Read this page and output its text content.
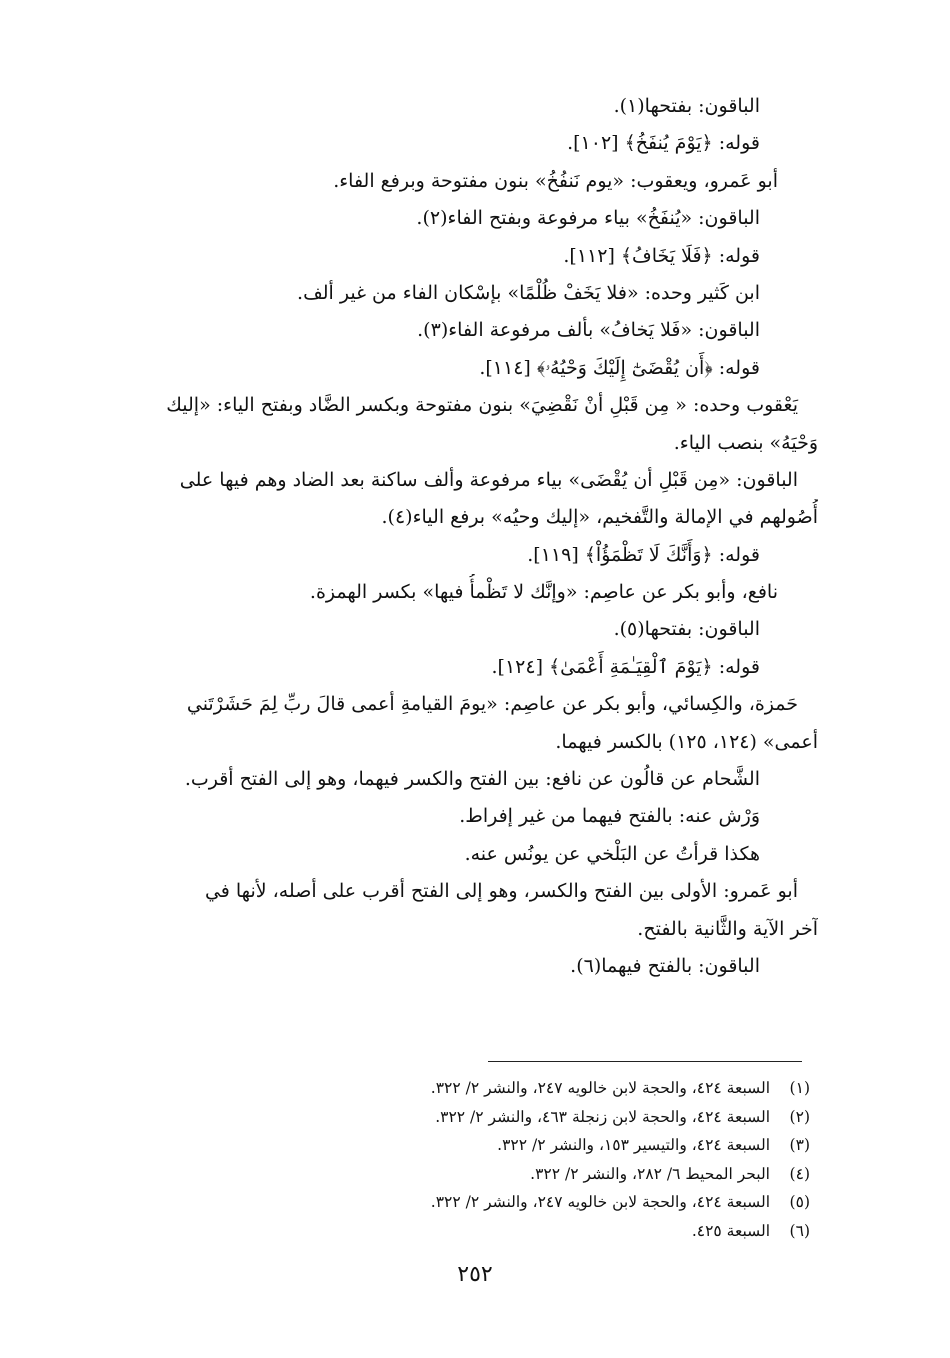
الباقون: بفتحها(١).
قوله: ﴿يَوْمَ يُنفَخُ﴾ [١٠٢].
أبو عَمرو، ويعقوب: «يوم نَنفُخُ» بنون مفتوحة وبرفع الفاء.
الباقون: «يُنفَخُ» بياء مرفوعة وبفتح الفاء(٢).
قوله: ﴿فَلَا يَخَافُ﴾ [١١٢].
ابن كَثير وحده: «فلا يَخَفْ ظُلْمًا» بإسْكان الفاء من غير ألف.
الباقون: «فَلا يَخافُ» بألف مرفوعة الفاء(٣).
قوله: ﴿أَن يُقْضَىٰٓ إِلَيْكَ وَحْيُهُۥ﴾ [١١٤].
يَعْقوب وحده: « مِن قَبْلِ أنْ نَقْضِيَ» بنون مفتوحة وبكسر الضَّاد وبفتح الياء: «إليك
وَحْيَهُ» بنصب الياء.
الباقون: «مِن قَبْلِ أن يُقْضَى» بياء مرفوعة وألف ساكنة بعد الضاد وهم فيها على
أُصُولهم في الإمالة والتَّفخيم، «إليك وحيُه» برفع الياء(٤).
قوله: ﴿وَأَنَّكَ لَا تَظْمَؤُاْ﴾ [١١٩].
نافع، وأبو بكر عن عاصِم: «وإنَّك لا تَظْمأُ فيها» بكسر الهمزة.
الباقون: بفتحها(٥).
قوله: ﴿يَوْمَ ٱلْقِيَـٰمَةِ أَعْمَىٰ﴾ [١٢٤].
حَمزة، والكِسائي، وأبو بكر عن عاصِم: «يومَ القيامةِ أعمى قالَ ربِّ لِمَ حَشَرْتَني
أعمى» (١٢٤، ١٢٥) بالكسر فيهما.
الشَّحام عن قالُون عن نافع: بين الفتح والكسر فيهما، وهو إلى الفتح أقرب.
وَرْش عنه: بالفتح فيهما من غير إفراط.
هكذا قرأتُ عن البَلْخي عن يونُس عنه.
أبو عَمرو: الأولى بين الفتح والكسر، وهو إلى الفتح أقرب على أصله، لأنها في
آخر الآية والثَّانية بالفتح.
الباقون: بالفتح فيهما(٦).
(١)السبعة ٤٢٤، والحجة لابن خالويه ٢٤٧، والنشر ٢/ ٣٢٢.
(٢)السبعة ٤٢٤، والحجة لابن زنجلة ٤٦٣، والنشر ٢/ ٣٢٢.
(٣)السبعة ٤٢٤، والتيسير ١٥٣، والنشر ٢/ ٣٢٢.
(٤)البحر المحيط ٦/ ٢٨٢، والنشر ٢/ ٣٢٢.
(٥)السبعة ٤٢٤، والحجة لابن خالويه ٢٤٧، والنشر ٢/ ٣٢٢.
(٦)السبعة ٤٢٥.
٢٥٢
